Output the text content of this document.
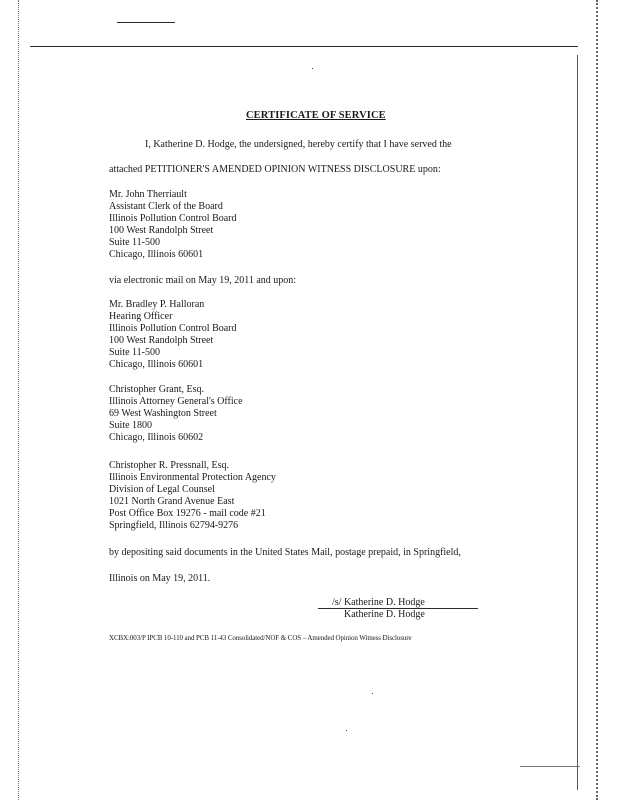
CERTIFICATE OF SERVICE
I, Katherine D. Hodge, the undersigned, hereby certify that I have served the
attached PETITIONER'S AMENDED OPINION WITNESS DISCLOSURE upon:
Mr. John Therriault
Assistant Clerk of the Board
Illinois Pollution Control Board
100 West Randolph Street
Suite 11-500
Chicago, Illinois 60601
via electronic mail on May 19, 2011 and upon:
Mr. Bradley P. Halloran
Hearing Officer
Illinois Pollution Control Board
100 West Randolph Street
Suite 11-500
Chicago, Illinois 60601
Christopher Grant, Esq.
Illinois Attorney General's Office
69 West Washington Street
Suite 1800
Chicago, Illinois 60602
Christopher R. Pressnall, Esq.
Illinois Environmental Protection Agency
Division of Legal Counsel
1021 North Grand Avenue East
Post Office Box 19276 - mail code #21
Springfield, Illinois 62794-9276
by depositing said documents in the United States Mail, postage prepaid, in Springfield,
Illinois on May 19, 2011.
/s/ Katherine D. Hodge
Katherine D. Hodge
XCBX:003/P IPCB 10-110 and PCB 11-43 Consolidated/NOF & COS – Amended Opinion Witness Disclosure
